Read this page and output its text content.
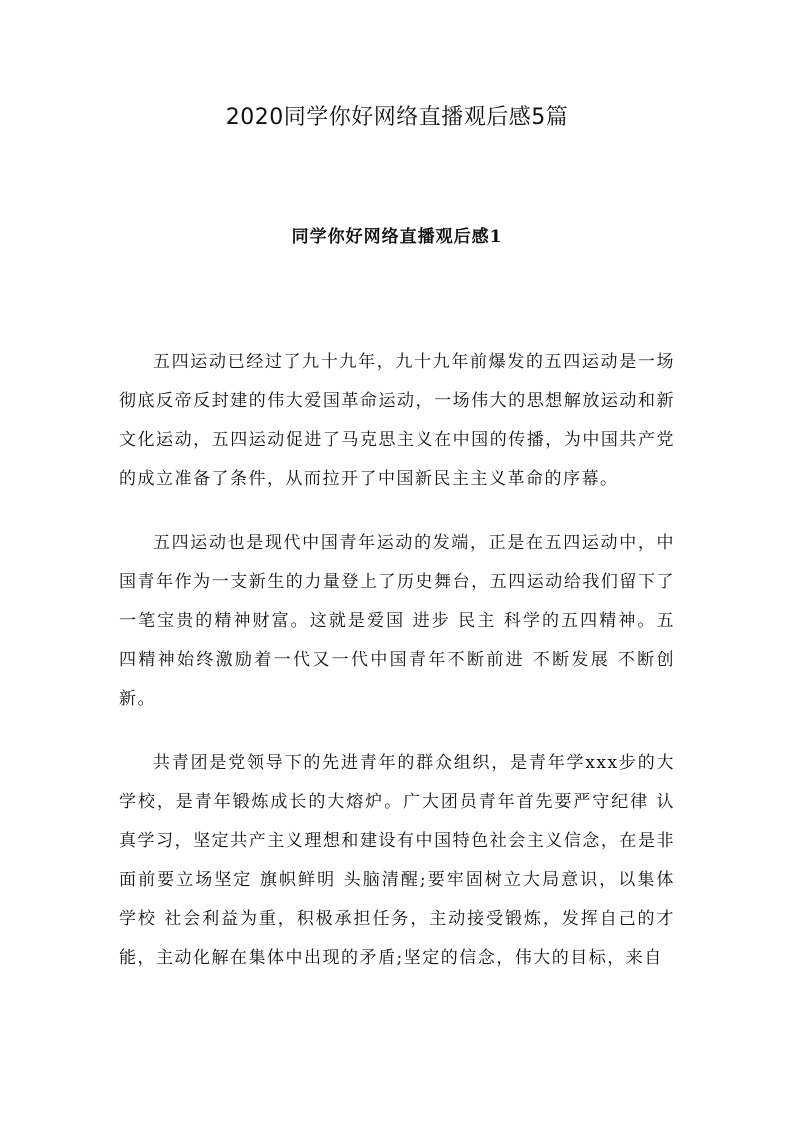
2020同学你好网络直播观后感5篇
同学你好网络直播观后感1

五四运动已经过了九十九年，九十九年前爆发的五四运动是一场彻底反帝反封建的伟大爱国革命运动，一场伟大的思想解放运动和新文化运动，五四运动促进了马克思主义在中国的传播，为中国共产党的成立准备了条件，从而拉开了中国新民主主义革命的序幕。

五四运动也是现代中国青年运动的发端，正是在五四运动中，中国青年作为一支新生的力量登上了历史舞台，五四运动给我们留下了一笔宝贵的精神财富。这就是爱国 进步 民主 科学的五四精神。五四精神始终激励着一代又一代中国青年不断前进 不断发展 不断创新。

共青团是党领导下的先进青年的群众组织，是青年学xxx步的大学校，是青年锻炼成长的大熔炉。广大团员青年首先要严守纪律 认真学习，坚定共产主义理想和建设有中国特色社会主义信念，在是非面前要立场坚定 旗帜鲜明 头脑清醒;要牢固树立大局意识，以集体学校 社会利益为重，积极承担任务，主动接受锻炼，发挥自己的才能，主动化解在集体中出现的矛盾;坚定的信念，伟大的目标，来自
